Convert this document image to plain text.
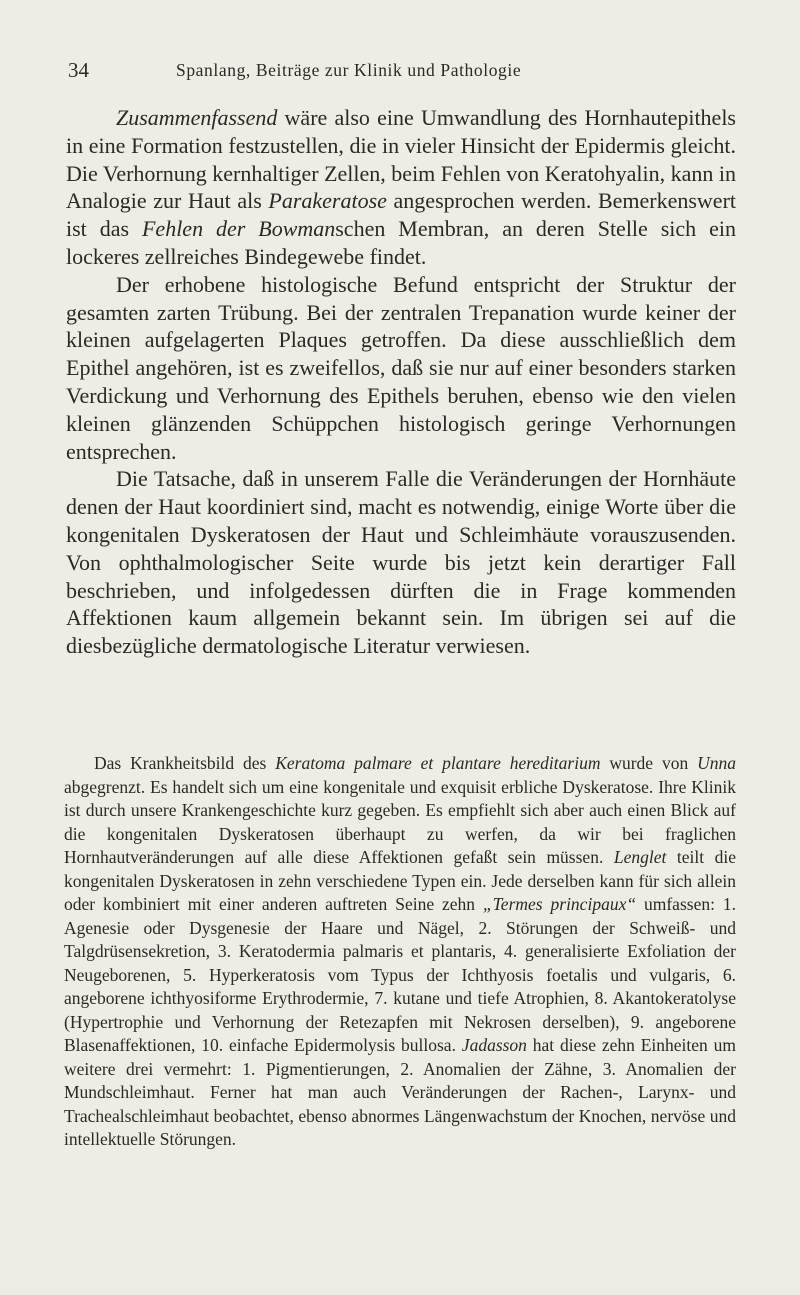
34	Spanlang, Beiträge zur Klinik und Pathologie

Zusammenfassend wäre also eine Umwandlung des Hornhautepithels in eine Formation festzustellen, die in vieler Hinsicht der Epidermis gleicht. Die Verhornung kernhaltiger Zellen, beim Fehlen von Keratohyalin, kann in Analogie zur Haut als Parakeratose angesprochen werden. Bemerkenswert ist das Fehlen der Bowmanschen Membran, an deren Stelle sich ein lockeres zellreiches Bindegewebe findet.

Der erhobene histologische Befund entspricht der Struktur der gesamten zarten Trübung. Bei der zentralen Trepanation wurde keiner der kleinen aufgelagerten Plaques getroffen. Da diese ausschließlich dem Epithel angehören, ist es zweifellos, daß sie nur auf einer besonders starken Verdickung und Verhornung des Epithels beruhen, ebenso wie den vielen kleinen glänzenden Schüppchen histologisch geringe Verhornungen entsprechen.

Die Tatsache, daß in unserem Falle die Veränderungen der Hornhäute denen der Haut koordiniert sind, macht es notwendig, einige Worte über die kongenitalen Dyskeratosen der Haut und Schleimhäute vorauszusenden. Von ophthalmologischer Seite wurde bis jetzt kein derartiger Fall beschrieben, und infolgedessen dürften die in Frage kommenden Affektionen kaum allgemein bekannt sein. Im übrigen sei auf die diesbezügliche dermatologische Literatur verwiesen.

Das Krankheitsbild des Keratoma palmare et plantare hereditarium wurde von Unna abgegrenzt. Es handelt sich um eine kongenitale und exquisit erbliche Dyskeratose. Ihre Klinik ist durch unsere Krankengeschichte kurz gegeben. Es empfiehlt sich aber auch einen Blick auf die kongenitalen Dyskeratosen überhaupt zu werfen, da wir bei fraglichen Hornhautveränderungen auf alle diese Affektionen gefaßt sein müssen. Lenglet teilt die kongenitalen Dyskeratosen in zehn verschiedene Typen ein. Jede derselben kann für sich allein oder kombiniert mit einer anderen auftreten Seine zehn „Termes principaux“ umfassen: 1. Agenesie oder Dysgenesie der Haare und Nägel, 2. Störungen der Schweiß- und Talgdrüsensekretion, 3. Keratodermia palmaris et plantaris, 4. generalisierte Exfoliation der Neugeborenen, 5. Hyperkeratosis vom Typus der Ichthyosis foetalis und vulgaris, 6. angeborene ichthyosiforme Erythrodermie, 7. kutane und tiefe Atrophien, 8. Akantokeratolyse (Hypertrophie und Verhornung der Retezapfen mit Nekrosen derselben), 9. angeborene Blasenaffektionen, 10. einfache Epidermolysis bullosa. Jadasson hat diese zehn Einheiten um weitere drei vermehrt: 1. Pigmentierungen, 2. Anomalien der Zähne, 3. Anomalien der Mundschleimhaut. Ferner hat man auch Veränderungen der Rachen-, Larynx- und Trachealschleimhaut beobachtet, ebenso abnormes Längenwachstum der Knochen, nervöse und intellektuelle Störungen.
